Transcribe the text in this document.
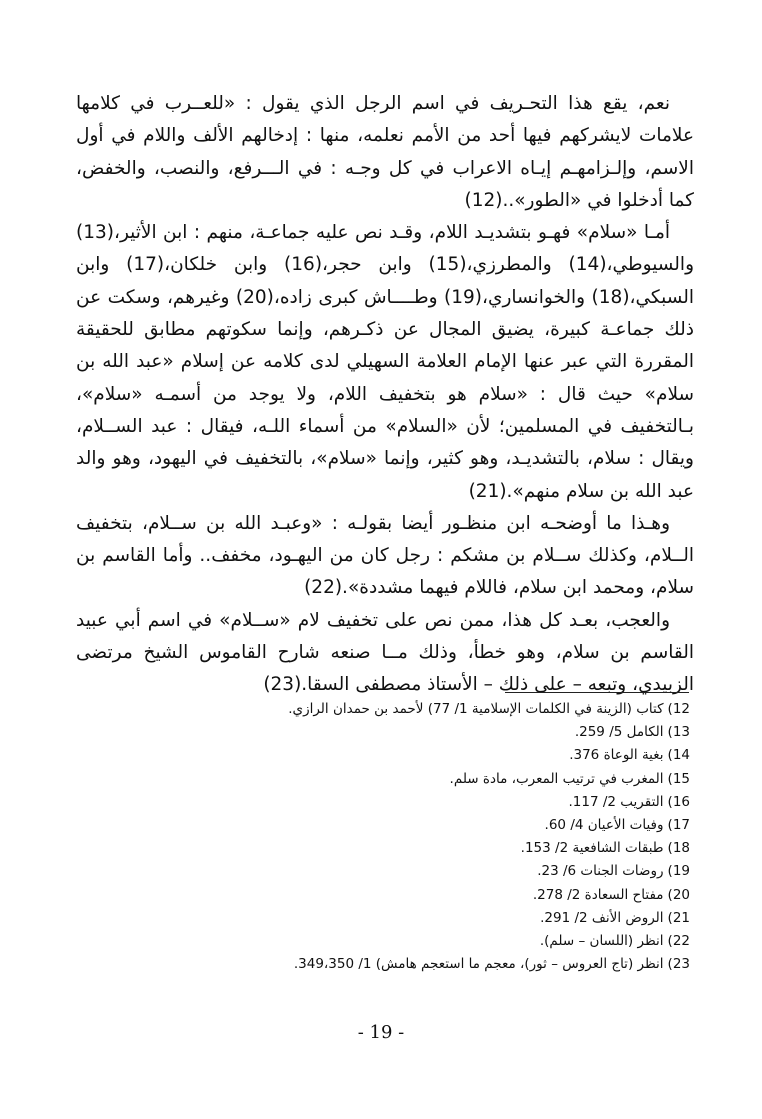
نعم، يقع هذا التحـريف في اسم الرجل الذي يقول : «للعــرب في كلامها علامات لايشركهم فيها أحد من الأمم نعلمه، منها : إدخالهم الألف واللام في أول الاسم، وإلـزامهـم إيـاه الاعراب في كل وجـه : في الـــرفع، والنصب، والخفض، كما أدخلوا في «الطور»..(12)

أمـا «سلام» فهـو بتشديـد اللام، وقـد نص عليه جماعـة، منهم : ابن الأثير،(13) والسيوطي،(14) والمطرزي،(15) وابن حجر،(16) وابن خلكان،(17) وابن السبكي،(18) والخوانساري،(19) وطــــاش كبرى زاده،(20) وغيرهم، وسكت عن ذلك جماعـة كبيرة، يضيق المجال عن ذكـرهم، وإنما سكوتهم مطابق للحقيقة المقررة التي عبر عنها الإمام العلامة السهيلي لدى كلامه عن إسلام «عبد الله بن سلام» حيث قال : «سلام هو بتخفيف اللام، ولا يوجد من أسمـه «سلام»، بـالتخفيف في المسلمين؛ لأن «السلام» من أسماء اللـه، فيقال : عبد الســلام، ويقال : سلام، بالتشديـد، وهو كثير، وإنما «سلام»، بالتخفيف في اليهود، وهو والد عبد الله بن سلام منهم».(21)

وهـذا ما أوضحـه ابن منظـور أيضا بقولـه : «وعبـد الله بن ســلام، بتخفيف الــلام، وكذلك ســلام بن مشكم : رجل كان من اليهـود، مخفف.. وأما القاسم بن سلام، ومحمد ابن سلام، فاللام فيهما مشددة».(22)

والعجب، بعـد كل هذا، ممن نص على تخفيف لام «ســلام» في اسم أبي عبيد القاسم بن سلام، وهو خطأ، وذلك مــا صنعه شارح القاموس الشيخ مرتضى الزبيدي، وتبعه – على ذلك – الأستاذ مصطفى السقا.(23)

12)كتاب (الزينة في الكلمات الإسلامية 1/ 77) لأحمد بن حمدان الرازي.
13)الكامل 5/ 259.
14)بغية الوعاة 376.
15)المغرب في ترتيب المعرب، مادة سلم.
16)التقريب 2/ 117.
17)وفيات الأعيان 4/ 60.
18)طبقات الشافعية 2/ 153.
19)روضات الجنات 6/ 23.
20)مفتاح السعادة 2/ 278.
21)الروض الأنف 2/ 291.
22)انظر (اللسان – سلم).
23)انظر (تاج العروس – ثور)، معجم ما استعجم هامش) 1/ 349،350.
- 19 -
